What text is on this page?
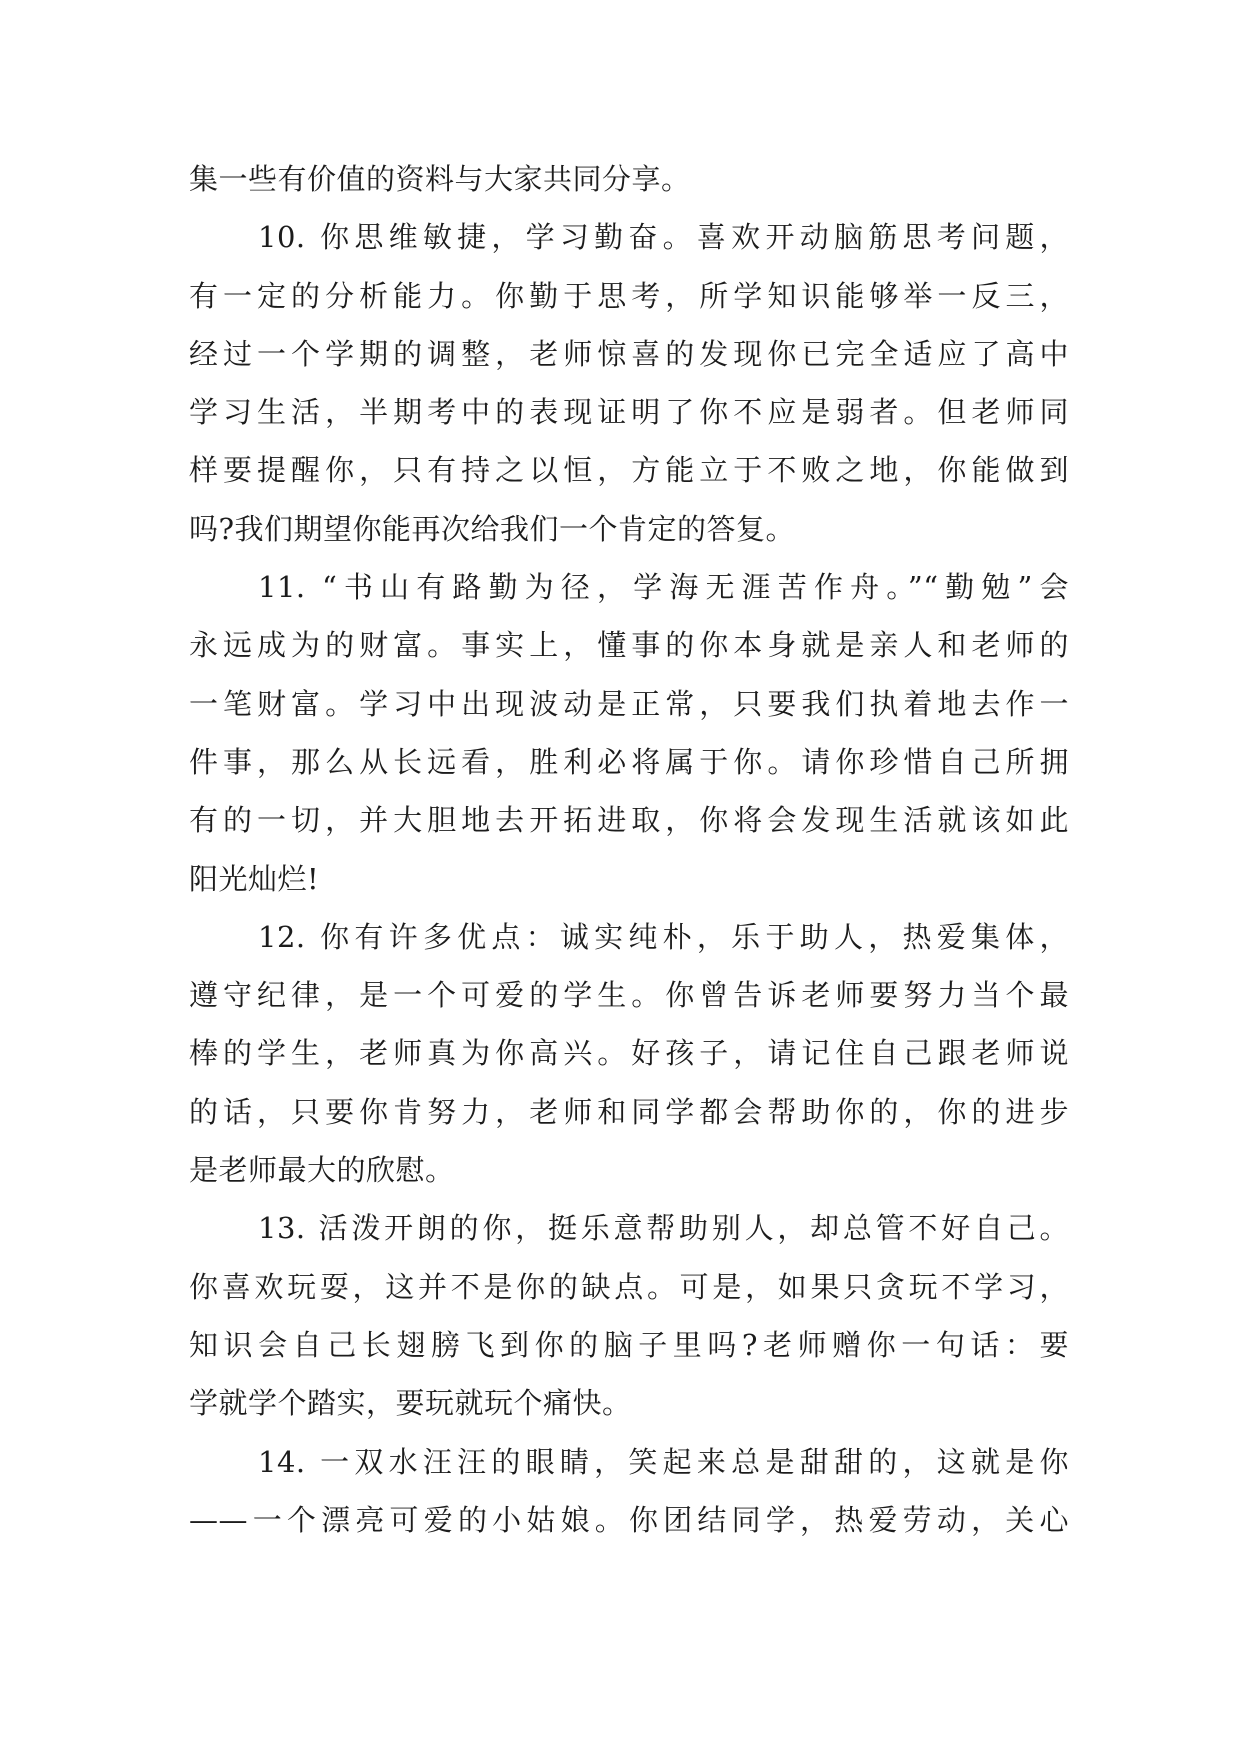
集一些有价值的资料与大家共同分享。
10. 你思维敏捷，学习勤奋。喜欢开动脑筋思考问题，
有一定的分析能力。你勤于思考，所学知识能够举一反三，
经过一个学期的调整，老师惊喜的发现你已完全适应了高中
学习生活，半期考中的表现证明了你不应是弱者。但老师同
样要提醒你，只有持之以恒，方能立于不败之地，你能做到
吗?我们期望你能再次给我们一个肯定的答复。
11. “书山有路勤为径，学海无涯苦作舟。”“勤勉”会
永远成为的财富。事实上，懂事的你本身就是亲人和老师的
一笔财富。学习中出现波动是正常，只要我们执着地去作一
件事，那么从长远看，胜利必将属于你。请你珍惜自己所拥
有的一切，并大胆地去开拓进取，你将会发现生活就该如此
阳光灿烂!
12. 你有许多优点：诚实纯朴，乐于助人，热爱集体，
遵守纪律，是一个可爱的学生。你曾告诉老师要努力当个最
棒的学生，老师真为你高兴。好孩子，请记住自己跟老师说
的话，只要你肯努力，老师和同学都会帮助你的，你的进步
是老师最大的欣慰。
13. 活泼开朗的你，挺乐意帮助别人，却总管不好自己。
你喜欢玩耍，这并不是你的缺点。可是，如果只贪玩不学习，
知识会自己长翅膀飞到你的脑子里吗?老师赠你一句话：要
学就学个踏实，要玩就玩个痛快。
14. 一双水汪汪的眼睛，笑起来总是甜甜的，这就是你
——一个漂亮可爱的小姑娘。你团结同学，热爱劳动，关心
